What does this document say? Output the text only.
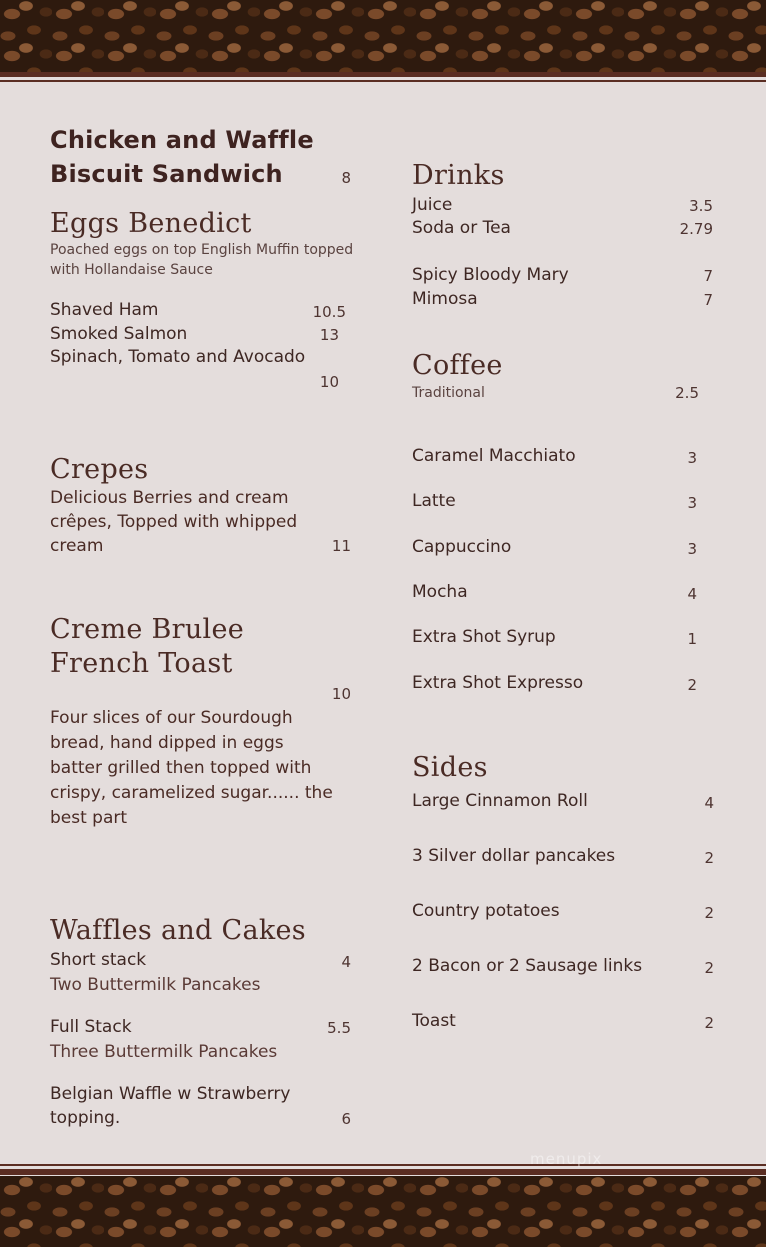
Chicken and Waffle
Biscuit Sandwich	8
Eggs Benedict
Poached eggs on top English Muffin topped
with Hollandaise Sauce
Shaved Ham	10.5
Smoked Salmon	13
Spinach, Tomato and Avocado
10
Crepes
Delicious Berries and cream
crêpes, Topped with whipped
cream	11
Creme Brulee
French Toast
10
Four slices of our Sourdough
bread, hand dipped in eggs
batter grilled then topped with
crispy, caramelized sugar...... the
best part
Waffles and Cakes
Short stack	4
Two Buttermilk Pancakes
Full Stack	5.5
Three Buttermilk Pancakes
Belgian Waffle w Strawberry
topping.	6
Drinks
Juice	3.5
Soda or Tea	2.79
Spicy Bloody Mary	7
Mimosa	7
Coffee
Traditional	2.5
Caramel Macchiato	3
Latte	3
Cappuccino	3
Mocha	4
Extra Shot Syrup	1
Extra Shot Expresso	2
Sides
Large Cinnamon Roll	4
3 Silver dollar pancakes	2
Country potatoes	2
2 Bacon or 2 Sausage links	2
Toast	2
menupix
